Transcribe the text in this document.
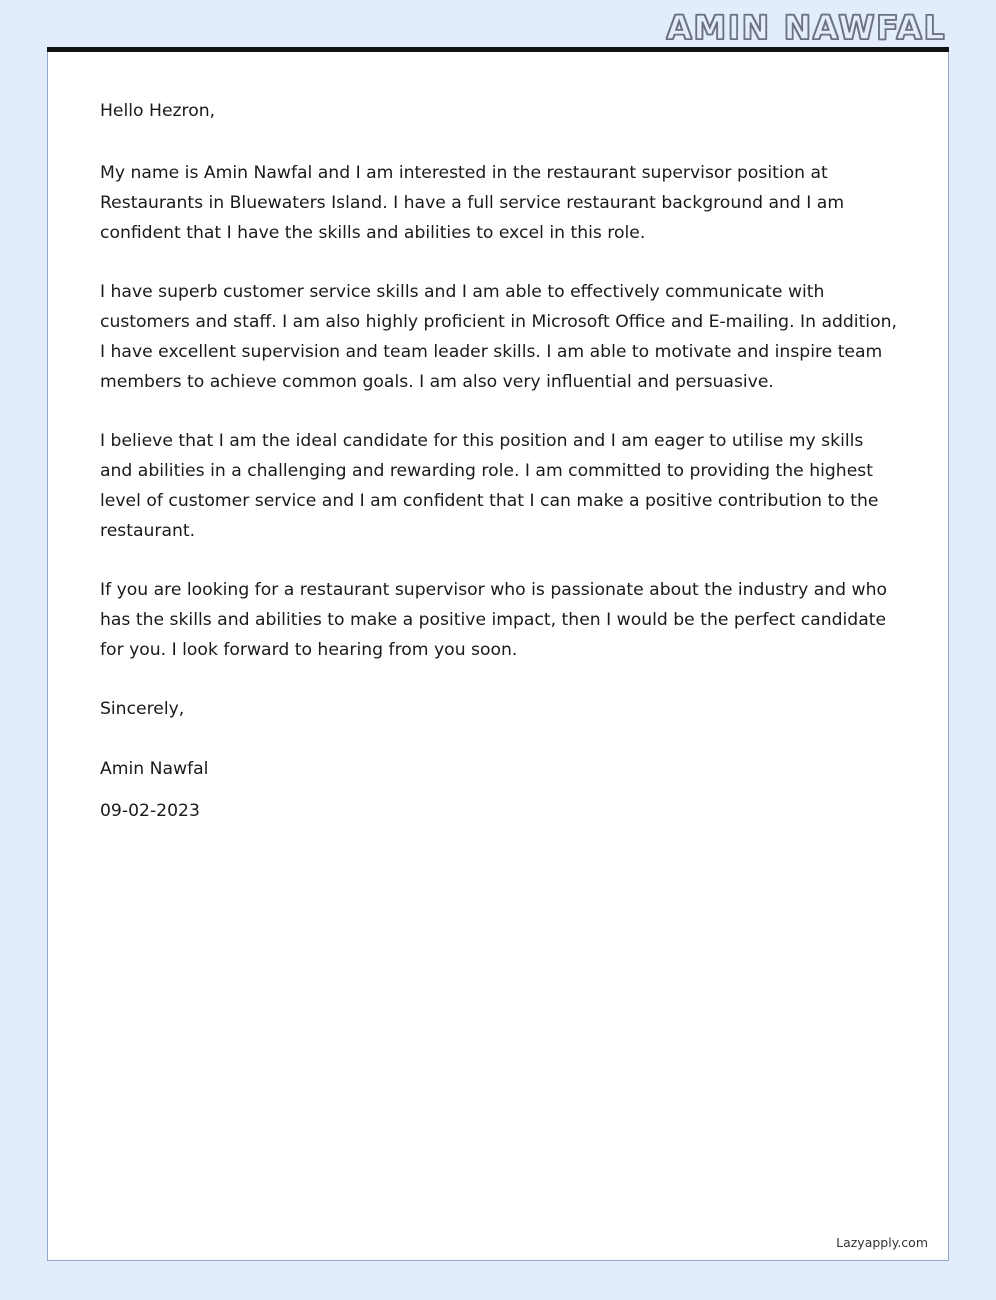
AMIN NAWFAL

Hello Hezron,

My name is Amin Nawfal and I am interested in the restaurant supervisor position at Restaurants in Bluewaters Island. I have a full service restaurant background and I am confident that I have the skills and abilities to excel in this role.

I have superb customer service skills and I am able to effectively communicate with customers and staff. I am also highly proficient in Microsoft Office and E-mailing. In addition, I have excellent supervision and team leader skills. I am able to motivate and inspire team members to achieve common goals. I am also very influential and persuasive.

I believe that I am the ideal candidate for this position and I am eager to utilise my skills and abilities in a challenging and rewarding role. I am committed to providing the highest level of customer service and I am confident that I can make a positive contribution to the restaurant.

If you are looking for a restaurant supervisor who is passionate about the industry and who has the skills and abilities to make a positive impact, then I would be the perfect candidate for you. I look forward to hearing from you soon.

Sincerely,

Amin Nawfal

09-02-2023

Lazyapply.com
